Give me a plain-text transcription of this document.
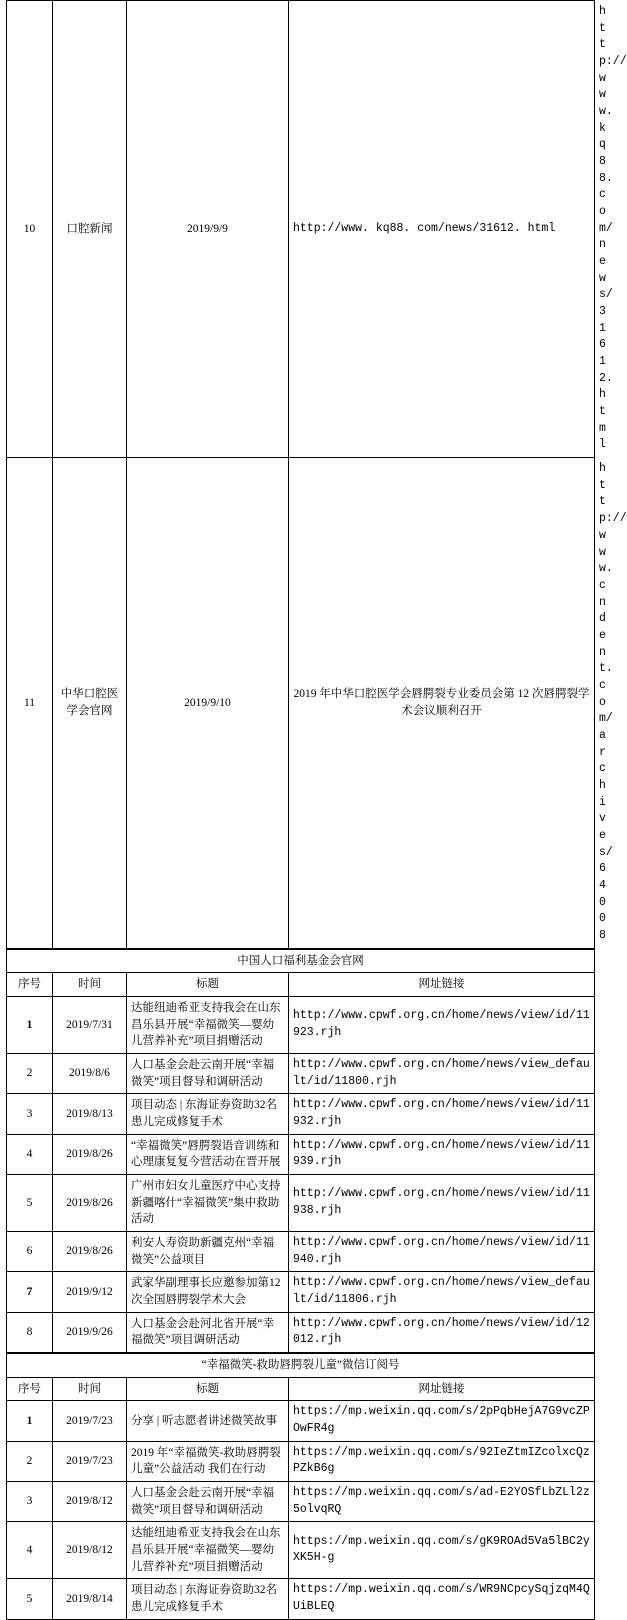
10	口腔新闻	2019/9/9	http://www. kq88. com/news/31612. html	http://www.kq88.com/news/31612.html
11	中华口腔医学会官网	2019/9/10	2019 年中华口腔医学会唇腭裂专业委员会第 12 次唇腭裂学术会议顺利召开	http://www.cndent.com/archives/64008
中国人口福利基金会官网			
序号	时间	标题	网址链接
1	2019/7/31	达能纽迪希亚支持我会在山东昌乐县开展“幸福微笑—婴幼儿营养补充”项目捐赠活动	http://www.cpwf.org.cn/home/news/view/id/11923.rjh
2	2019/8/6	人口基金会赴云南开展“幸福微笑”项目督导和调研活动	http://www.cpwf.org.cn/home/news/view_default/id/11800.rjh
3	2019/8/13	项目动态 | 东海证券资助32名患儿完成修复手术	http://www.cpwf.org.cn/home/news/view/id/11932.rjh
4	2019/8/26	“幸福微笑”唇腭裂语音训练和心理康复复今营活动在晋开展	http://www.cpwf.org.cn/home/news/view/id/11939.rjh
5	2019/8/26	广州市妇女儿童医疗中心支持新疆喀什“幸福微笑”集中救助活动	http://www.cpwf.org.cn/home/news/view/id/11938.rjh
6	2019/8/26	利安人寿资助新疆克州“幸福微笑”公益项目	http://www.cpwf.org.cn/home/news/view/id/11940.rjh
7	2019/9/12	武家华副理事长应邀参加第12次全国唇腭裂学术大会	http://www.cpwf.org.cn/home/news/view_default/id/11806.rjh
8	2019/9/26	人口基金会赴河北省开展“幸福微笑”项目调研活动	http://www.cpwf.org.cn/home/news/view/id/12012.rjh
“幸福微笑-救助唇腭裂儿童”微信订阅号			
序号	时间	标题	网址链接
1	2019/7/23	分享 | 听志愿者讲述微笑故事	https://mp.weixin.qq.com/s/2pPqbHejA7G9vcZPOwFR4g
2	2019/7/23	2019 年“幸福微笑-救助唇腭裂儿童”公益活动 我们在行动	https://mp.weixin.qq.com/s/92IeZtmIZcolxcQzPZkB6g
3	2019/8/12	人口基金会赴云南开展“幸福微笑”项目督导和调研活动	https://mp.weixin.qq.com/s/ad-E2YOSfLbZLl2z5olvqRQ
4	2019/8/12	达能纽迪希亚支持我会在山东昌乐县开展“幸福微笑—婴幼儿营养补充”项目捐赠活动	https://mp.weixin.qq.com/s/gK9ROAd5Va5lBC2yXK5H-g
5	2019/8/14	项目动态 | 东海证券资助32名患儿完成修复手术	https://mp.weixin.qq.com/s/WR9NCpcySqjzqM4QUiBLEQ
